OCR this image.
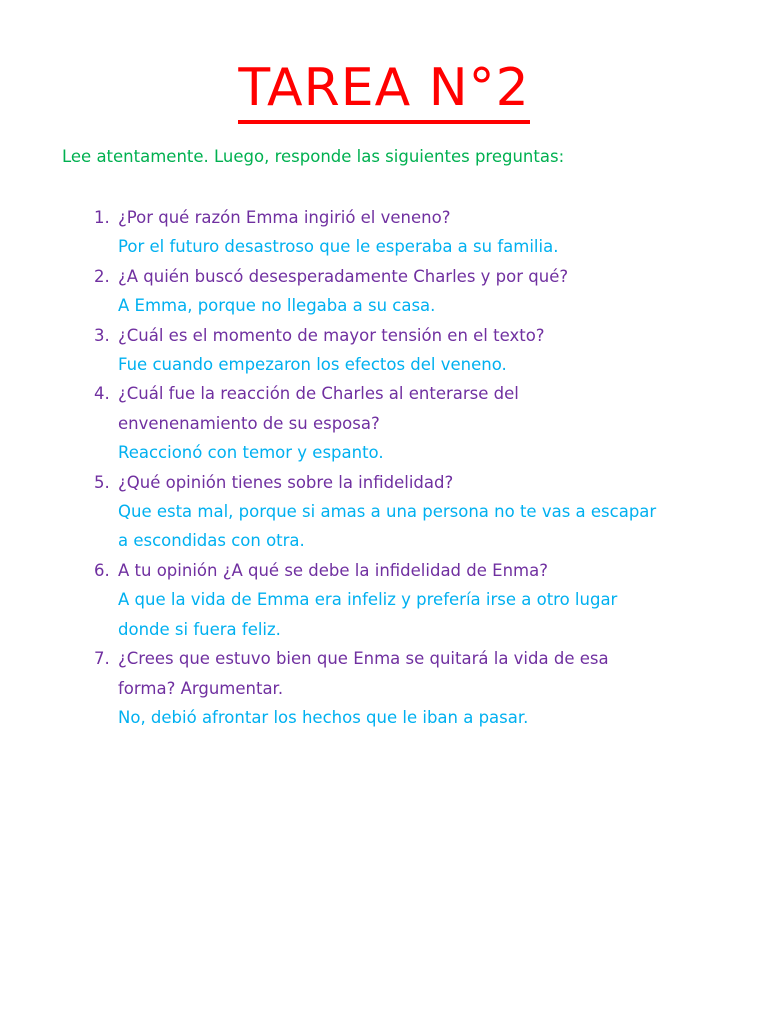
TAREA N°2

Lee atentamente. Luego, responde las siguientes preguntas:

1. ¿Por qué razón Emma ingirió el veneno?
Por el futuro desastroso que le esperaba a su familia.
2. ¿A quién buscó desesperadamente Charles y por qué?
A Emma, porque no llegaba a su casa.
3. ¿Cuál es el momento de mayor tensión en el texto?
Fue cuando empezaron los efectos del veneno.
4. ¿Cuál fue la reacción de Charles al enterarse del
envenenamiento de su esposa?
Reaccionó con temor y espanto.
5. ¿Qué opinión tienes sobre la infidelidad?
Que esta mal, porque si amas a una persona no te vas a escapar
a escondidas con otra.
6. A tu opinión ¿A qué se debe la infidelidad de Enma?
A que la vida de Emma era infeliz y prefería irse a otro lugar
donde si fuera feliz.
7. ¿Crees que estuvo bien que Enma se quitará la vida de esa
forma? Argumentar.
No, debió afrontar los hechos que le iban a pasar.
